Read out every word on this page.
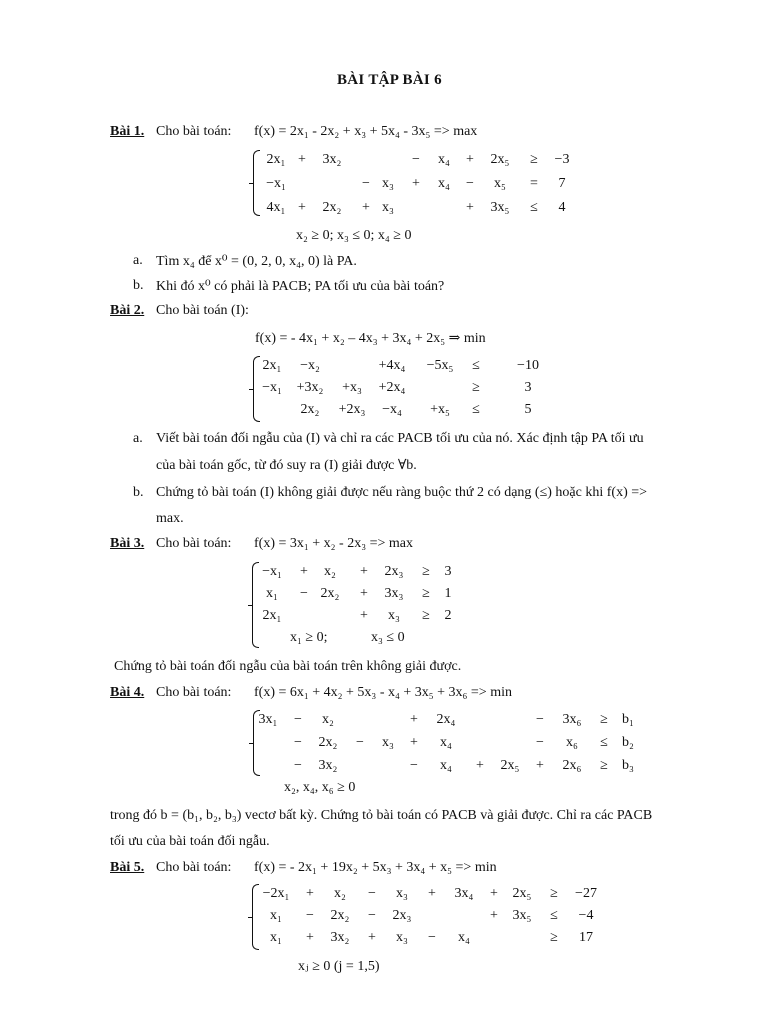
BÀI TẬP BÀI 6
Bài 1. Cho bài toán: f(x) = 2x₁ - 2x₂ + x₃ + 5x₄ - 3x₅ => max
2x₁ +	3x₂	−	x₄	+	2x₅	≥	−3
−x₁	− x₃	+	x₄	−	x₅	=	7
4x₁ +	2x₂	+ x₃	+	3x₅	≤	4
x₂ ≥ 0; x₃ ≤ 0; x₄ ≥ 0
a. Tìm x₄ để x⁰ = (0, 2, 0, x₄, 0) là PA.
b. Khi đó x⁰ có phải là PACB; PA tối ưu của bài toán?
Bài 2. Cho bài toán (I):
f(x) = - 4x₁ + x₂ – 4x₃ + 3x₄ + 2x₅ ⇒ min
2x₁	−x₂	+4x₄ −5x₅	≤	−10
−x₁ +3x₂ +x₃ +2x₄	≥	3
2x₂	+2x₃ −x₄ +x₅	≤	5
a. Viết bài toán đối ngẫu của (I) và chỉ ra các PACB tối ưu của nó. Xác định tập PA tối ưu
của bài toán gốc, từ đó suy ra (I) giải được ∀b.
b. Chứng tỏ bài toán (I) không giải được nếu ràng buộc thứ 2 có dạng (≤) hoặc khi f(x) =>
max.
Bài 3. Cho bài toán: f(x) = 3x₁ + x₂ - 2x₃ => max
−x₁	+	x₂	+	2x₃	≥	3
x₁	− 2x₂	+	3x₃	≥	1
2x₁	+	x₃	≥	2
x₁ ≥ 0;	x₃ ≤ 0
Chứng tỏ bài toán đối ngẫu của bài toán trên không giải được.
Bài 4. Cho bài toán: f(x) = 6x₁ + 4x₂ + 5x₃ - x₄ + 3x₅ + 3x₆ => min
3x₁	−	x₂	+	2x₄	−	3x₆	≥	b₁
−	2x₂	−	x₃	+	x₄	−	x₆	≤	b₂
−	3x₂	−	x₄	+	2x₅	+	2x₆	≥	b₃
x₂, x₄, x₆ ≥ 0
trong đó b = (b₁, b₂, b₃) vectơ bất kỳ. Chứng tỏ bài toán có PACB và giải được. Chỉ ra các PACB
tối ưu của bài toán đối ngẫu.
Bài 5. Cho bài toán: f(x) = - 2x₁ + 19x₂ + 5x₃ + 3x₄ + x₅ => min
−2x₁	+	x₂	−	x₃	+	3x₄	+	2x₅	≥	−27
x₁	−	2x₂	−	2x₃	+	3x₅	≤	−4
x₁	+	3x₂	+	x₃	−	x₄	≥	17
xⱼ ≥ 0 (j = 1,5)
